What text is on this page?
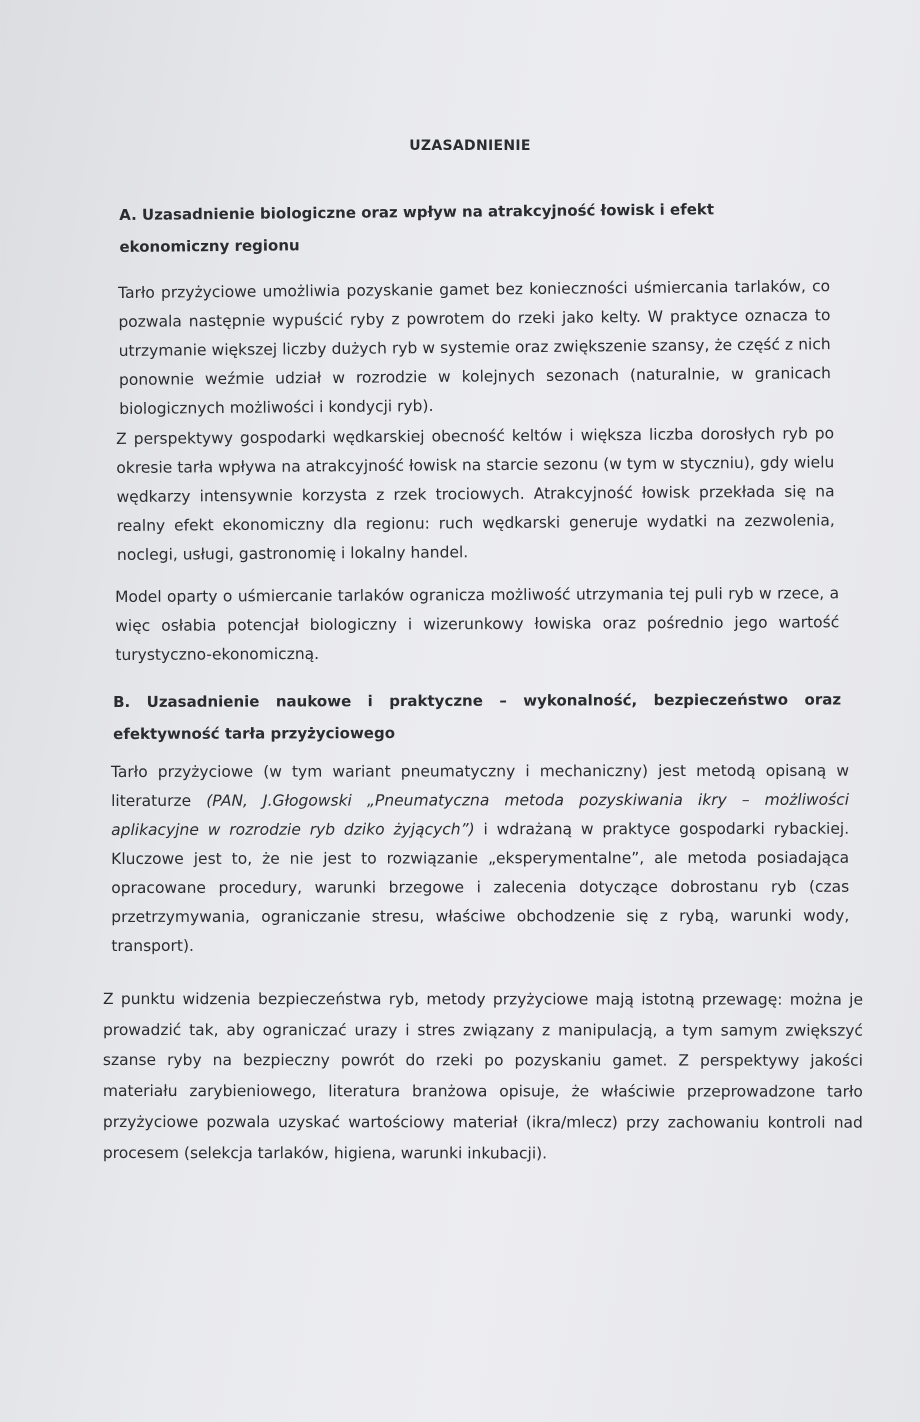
UZASADNIENIE
A. Uzasadnienie biologiczne oraz wpływ na atrakcyjność łowisk i efekt ekonomiczny regionu

Tarło przyżyciowe umożliwia pozyskanie gamet bez konieczności uśmiercania tarlaków, co pozwala następnie wypuścić ryby z powrotem do rzeki jako kelty. W praktyce oznacza to utrzymanie większej liczby dużych ryb w systemie oraz zwiększenie szansy, że część z nich ponownie weźmie udział w rozrodzie w kolejnych sezonach (naturalnie, w granicach biologicznych możliwości i kondycji ryb).

Z perspektywy gospodarki wędkarskiej obecność keltów i większa liczba dorosłych ryb po okresie tarła wpływa na atrakcyjność łowisk na starcie sezonu (w tym w styczniu), gdy wielu wędkarzy intensywnie korzysta z rzek trociowych. Atrakcyjność łowisk przekłada się na realny efekt ekonomiczny dla regionu: ruch wędkarski generuje wydatki na zezwolenia, noclegi, usługi, gastronomię i lokalny handel.

Model oparty o uśmiercanie tarlaków ogranicza możliwość utrzymania tej puli ryb w rzece, a więc osłabia potencjał biologiczny i wizerunkowy łowiska oraz pośrednio jego wartość turystyczno-ekonomiczną.

B. Uzasadnienie naukowe i praktyczne – wykonalność, bezpieczeństwo oraz efektywność tarła przyżyciowego

Tarło przyżyciowe (w tym wariant pneumatyczny i mechaniczny) jest metodą opisaną w literaturze (PAN, J.Głogowski „Pneumatyczna metoda pozyskiwania ikry – możliwości aplikacyjne w rozrodzie ryb dziko żyjących”) i wdrażaną w praktyce gospodarki rybackiej. Kluczowe jest to, że nie jest to rozwiązanie „eksperymentalne”, ale metoda posiadająca opracowane procedury, warunki brzegowe i zalecenia dotyczące dobrostanu ryb (czas przetrzymywania, ograniczanie stresu, właściwe obchodzenie się z rybą, warunki wody, transport).

Z punktu widzenia bezpieczeństwa ryb, metody przyżyciowe mają istotną przewagę: można je prowadzić tak, aby ograniczać urazy i stres związany z manipulacją, a tym samym zwiększyć szanse ryby na bezpieczny powrót do rzeki po pozyskaniu gamet. Z perspektywy jakości materiału zarybieniowego, literatura branżowa opisuje, że właściwie przeprowadzone tarło przyżyciowe pozwala uzyskać wartościowy materiał (ikra/mlecz) przy zachowaniu kontroli nad procesem (selekcja tarlaków, higiena, warunki inkubacji).
